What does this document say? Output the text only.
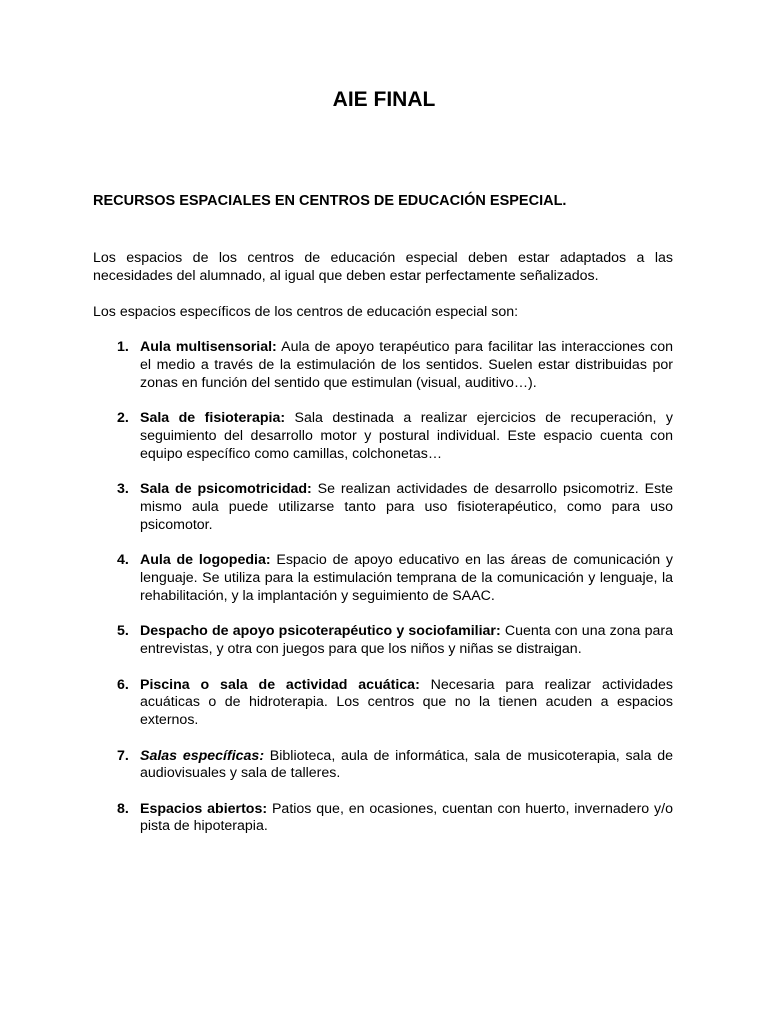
AIE FINAL
RECURSOS ESPACIALES EN CENTROS DE EDUCACIÓN ESPECIAL.

Los espacios de los centros de educación especial deben estar adaptados a las necesidades del alumnado, al igual que deben estar perfectamente señalizados.

Los espacios específicos de los centros de educación especial son:

1. Aula multisensorial: Aula de apoyo terapéutico para facilitar las interacciones con el medio a través de la estimulación de los sentidos. Suelen estar distribuidas por zonas en función del sentido que estimulan (visual, auditivo…).
2. Sala de fisioterapia: Sala destinada a realizar ejercicios de recuperación, y seguimiento del desarrollo motor y postural individual. Este espacio cuenta con equipo específico como camillas, colchonetas…
3. Sala de psicomotricidad: Se realizan actividades de desarrollo psicomotriz. Este mismo aula puede utilizarse tanto para uso fisioterapéutico, como para uso psicomotor.
4. Aula de logopedia: Espacio de apoyo educativo en las áreas de comunicación y lenguaje. Se utiliza para la estimulación temprana de la comunicación y lenguaje, la rehabilitación, y la implantación y seguimiento de SAAC.
5. Despacho de apoyo psicoterapéutico y sociofamiliar: Cuenta con una zona para entrevistas, y otra con juegos para que los niños y niñas se distraigan.
6. Piscina o sala de actividad acuática: Necesaria para realizar actividades acuáticas o de hidroterapia. Los centros que no la tienen acuden a espacios externos.
7. Salas específicas: Biblioteca, aula de informática, sala de musicoterapia, sala de audiovisuales y sala de talleres.
8. Espacios abiertos: Patios que, en ocasiones, cuentan con huerto, invernadero y/o pista de hipoterapia.
